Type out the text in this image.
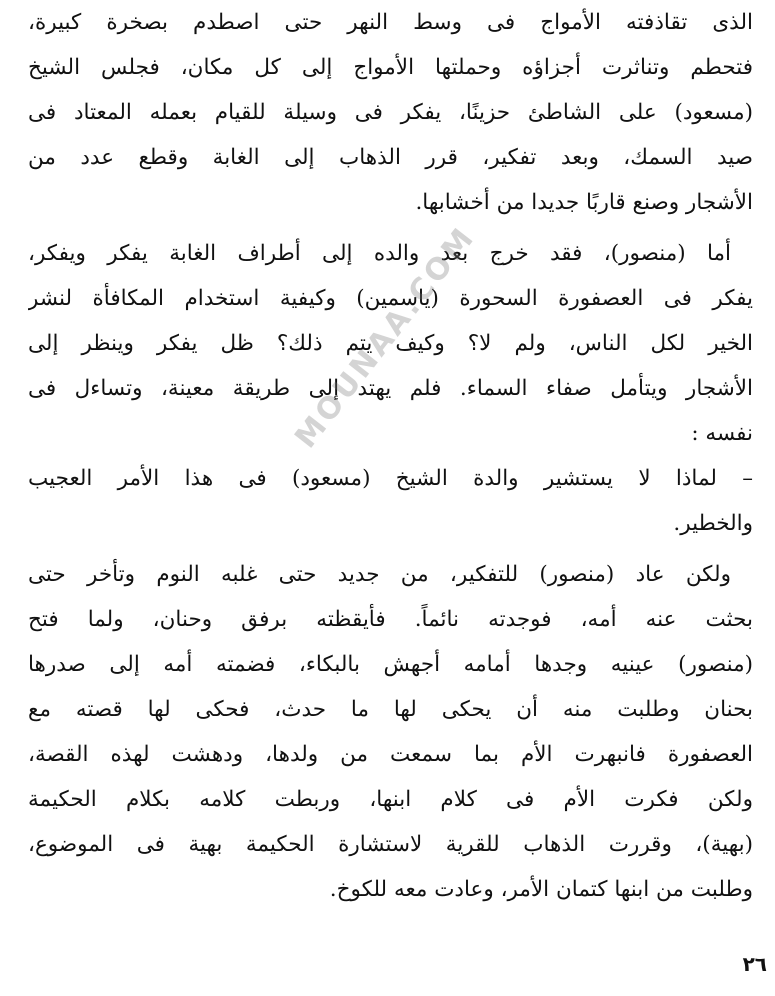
الذى تقاذفته الأمواج فى وسط النهر حتى اصطدم بصخرة كبيرة،
فتحطم وتناثرت أجزاؤه وحملتها الأمواج إلى كل مكان، فجلس الشيخ
(مسعود) على الشاطئ حزينًا، يفكر فى وسيلة للقيام بعمله المعتاد فى
صيد السمك، وبعد تفكير، قرر الذهاب إلى الغابة وقطع عدد من
الأشجار وصنع قاربًا جديدا من أخشابها.
أما (منصور)، فقد خرج بعد والده إلى أطراف الغابة يفكر ويفكر،
يفكر فى العصفورة السحورة (ياسمين) وكيفية استخدام المكافأة لنشر
الخير لكل الناس، ولم لا؟ وكيف يتم ذلك؟ ظل يفكر وينظر إلى
الأشجار ويتأمل صفاء السماء. فلم يهتد إلى طريقة معينة، وتساءل فى
نفسه :
– لماذا لا يستشير والدة الشيخ (مسعود) فى هذا الأمر العجيب
والخطير.
ولكن عاد (منصور) للتفكير، من جديد حتى غلبه النوم وتأخر حتى
بحثت عنه أمه، فوجدته نائماً. فأيقظته برفق وحنان، ولما فتح
(منصور) عينيه وجدها أمامه أجهش بالبكاء، فضمته أمه إلى صدرها
بحنان وطلبت منه أن يحكى لها ما حدث، فحكى لها قصته مع
العصفورة فانبهرت الأم بما سمعت من ولدها، ودهشت لهذه القصة،
ولكن فكرت الأم فى كلام ابنها، وربطت كلامه بكلام الحكيمة
(بهية)، وقررت الذهاب للقرية لاستشارة الحكيمة بهية فى الموضوع،
وطلبت من ابنها كتمان الأمر، وعادت معه للكوخ.
MOUNAA.COM
٢٦
